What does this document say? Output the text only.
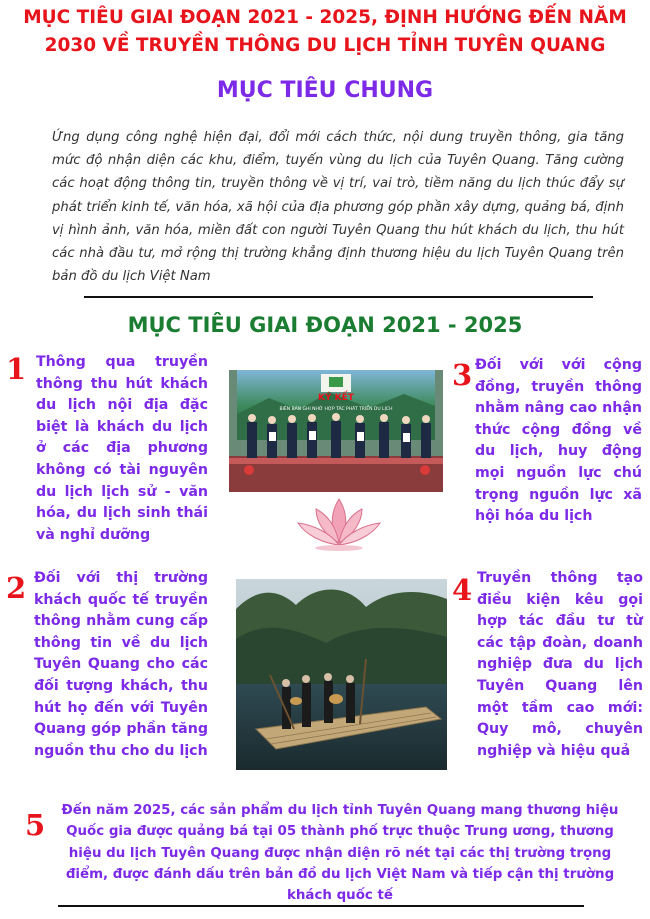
MỤC TIÊU GIAI ĐOẠN 2021 - 2025, ĐỊNH HƯỚNG ĐẾN NĂM 2030 VỀ TRUYỀN THÔNG DU LỊCH TỈNH TUYÊN QUANG
MỤC TIÊU CHUNG
Ứng dụng công nghệ hiện đại, đổi mới cách thức, nội dung truyền thông, gia tăng mức độ nhận diện các khu, điểm, tuyến vùng du lịch của Tuyên Quang. Tăng cường các hoạt động thông tin, truyền thông về vị trí, vai trò, tiềm năng du lịch thúc đẩy sự phát triển kinh tế, văn hóa, xã hội của địa phương góp phần xây dựng, quảng bá, định vị hình ảnh, văn hóa, miền đất con người Tuyên Quang thu hút khách du lịch, thu hút các nhà đầu tư, mở rộng thị trường khẳng định thương hiệu du lịch Tuyên Quang trên bản đồ du lịch Việt Nam
MỤC TIÊU GIAI ĐOẠN 2021 - 2025
1 Thông qua truyền thông thu hút khách du lịch nội địa đặc biệt là khách du lịch ở các địa phương không có tài nguyên du lịch lịch sử - văn hóa, du lịch sinh thái và nghỉ dưỡng
3 Đối với với cộng đồng, truyền thông nhằm nâng cao nhận thức cộng đồng về du lịch, huy động mọi nguồn lực chú trọng nguồn lực xã hội hóa du lịch
2 Đối với thị trường khách quốc tế truyền thông nhằm cung cấp thông tin về du lịch Tuyên Quang cho các đối tượng khách, thu hút họ đến với Tuyên Quang góp phần tăng nguồn thu cho du lịch
4 Truyền thông tạo điều kiện kêu gọi hợp tác đầu tư từ các tập đoàn, doanh nghiệp đưa du lịch Tuyên Quang lên một tầm cao mới: Quy mô, chuyên nghiệp và hiệu quả
KÝ KẾT
BIÊN BẢN GHI NHỚ HỢP TÁC PHÁT TRIỂN DU LỊCH
5	Đến năm 2025, các sản phẩm du lịch tỉnh Tuyên Quang mang thương hiệu Quốc gia được quảng bá tại 05 thành phố trực thuộc Trung ương, thương hiệu du lịch Tuyên Quang được nhận diện rõ nét tại các thị trường trọng điểm, được đánh dấu trên bản đồ du lịch Việt Nam và tiếp cận thị trường khách quốc tế
